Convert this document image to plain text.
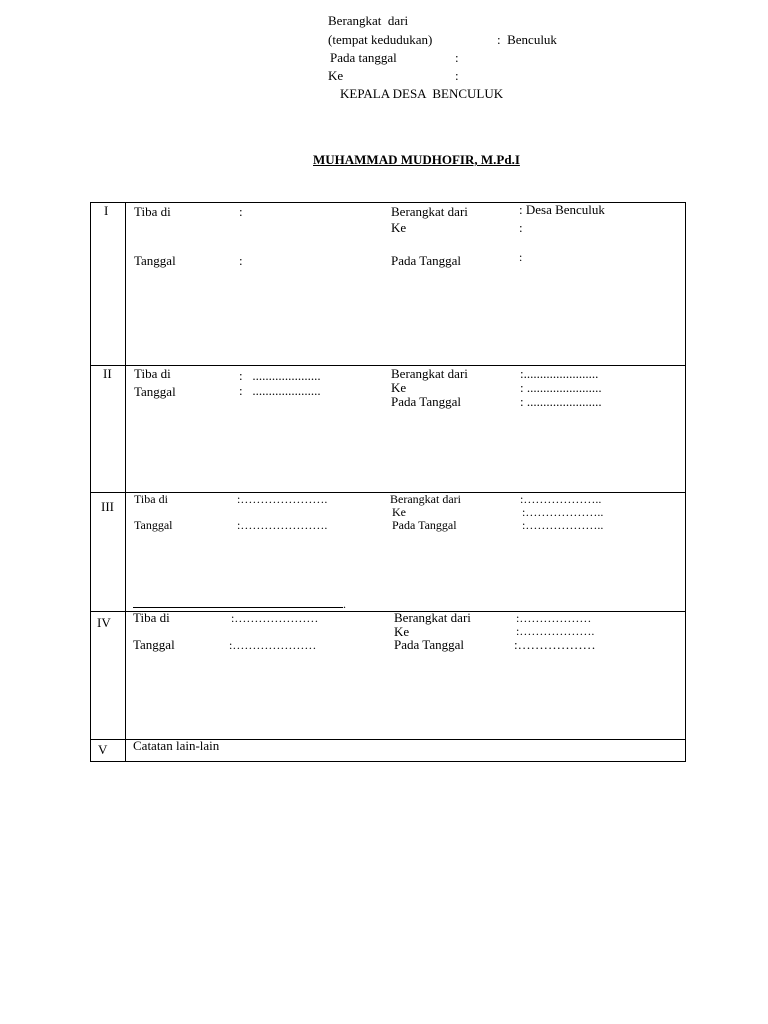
Berangkat  dari
(tempat kedudukan)	:  Benculuk
Pada tanggal	:
Ke	:
KEPALA DESA  BENCULUK
MUHAMMAD MUDHOFIR, M.Pd.I
I Tiba di	:
Tanggal	:
Berangkat dari	: Desa Benculuk
Ke	:
Pada Tanggal	:
II Tiba di	:   .....................
Tanggal	:   .....................
Berangkat dari	:.......................
Ke	: .......................
Pada Tanggal	: .......................
III Tiba di	:………………….
Tanggal	:………………….
Berangkat dari	:………………..
Ke	:………………..
Pada Tanggal	:………………..
.
IV Tiba di	:…………………
Tanggal	:…………………
Berangkat dari	:………………
Ke	:……………….
Pada Tanggal	:………………
V Catatan lain-lain
